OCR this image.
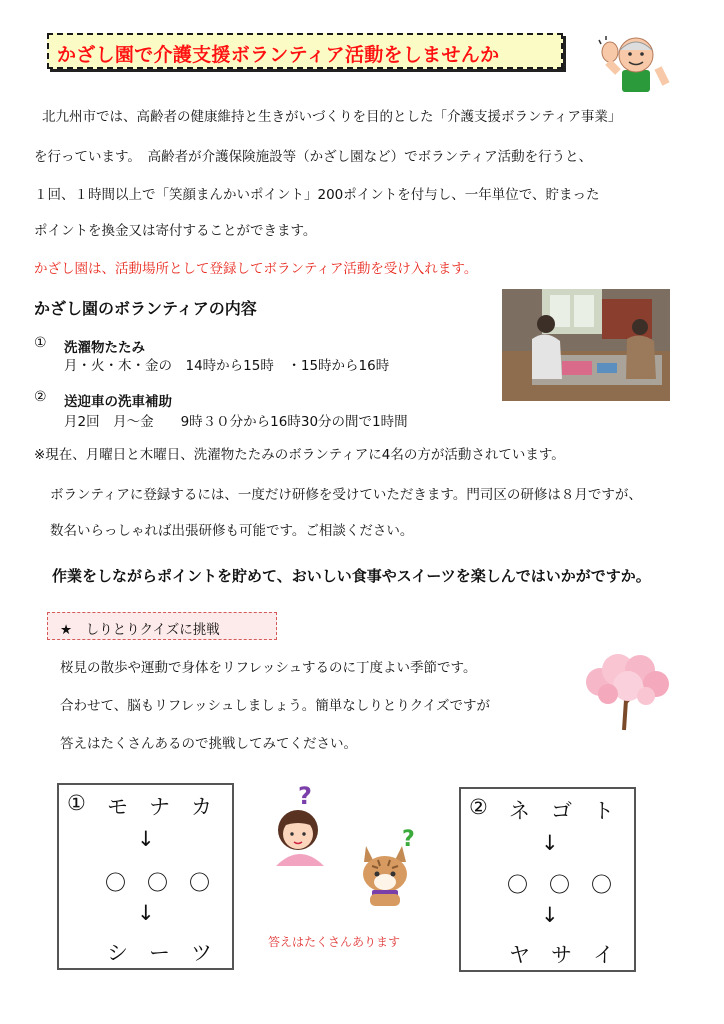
かざし園で介護支援ボランティア活動をしませんか
北九州市では、高齢者の健康維持と生きがいづくりを目的とした「介護支援ボランティア事業」
を行っています。　高齢者が介護保険施設等（かざし園など）でボランティア活動を行うと、
１回、１時間以上で「笑顔まんかいポイント」200ポイントを付与し、一年単位で、貯まった
ポイントを換金又は寄付することができます。
かざし園は、活動場所として登録してボランティア活動を受け入れます。
かざし園のボランティアの内容
① 洗濯物たたみ
月・火・木・金の　14時から15時　・15時から16時
② 送迎車の洗車補助
月2回　月～金　　9時３０分から16時30分の間で1時間
※現在、月曜日と木曜日、洗濯物たたみのボランティアに4名の方が活動されています。
ボランティアに登録するには、一度だけ研修を受けていただきます。門司区の研修は８月ですが、
数名いらっしゃれば出張研修も可能です。ご相談ください。
作業をしながらポイントを貯めて、おいしい食事やスイーツを楽しんではいかがですか。
★　しりとりクイズに挑戦
桜見の散歩や運動で身体をリフレッシュするのに丁度よい季節です。
合わせて、脳もリフレッシュしましょう。簡単なしりとりクイズですが
答えはたくさんあるので挑戦してみてください。
① モ　ナ　カ
↓
〇　〇　〇
↓
シ　ー　ツ
② ネ　ゴ　ト
↓
〇　〇　〇
↓
ヤ　サ　イ
?
?
答えはたくさんあります
